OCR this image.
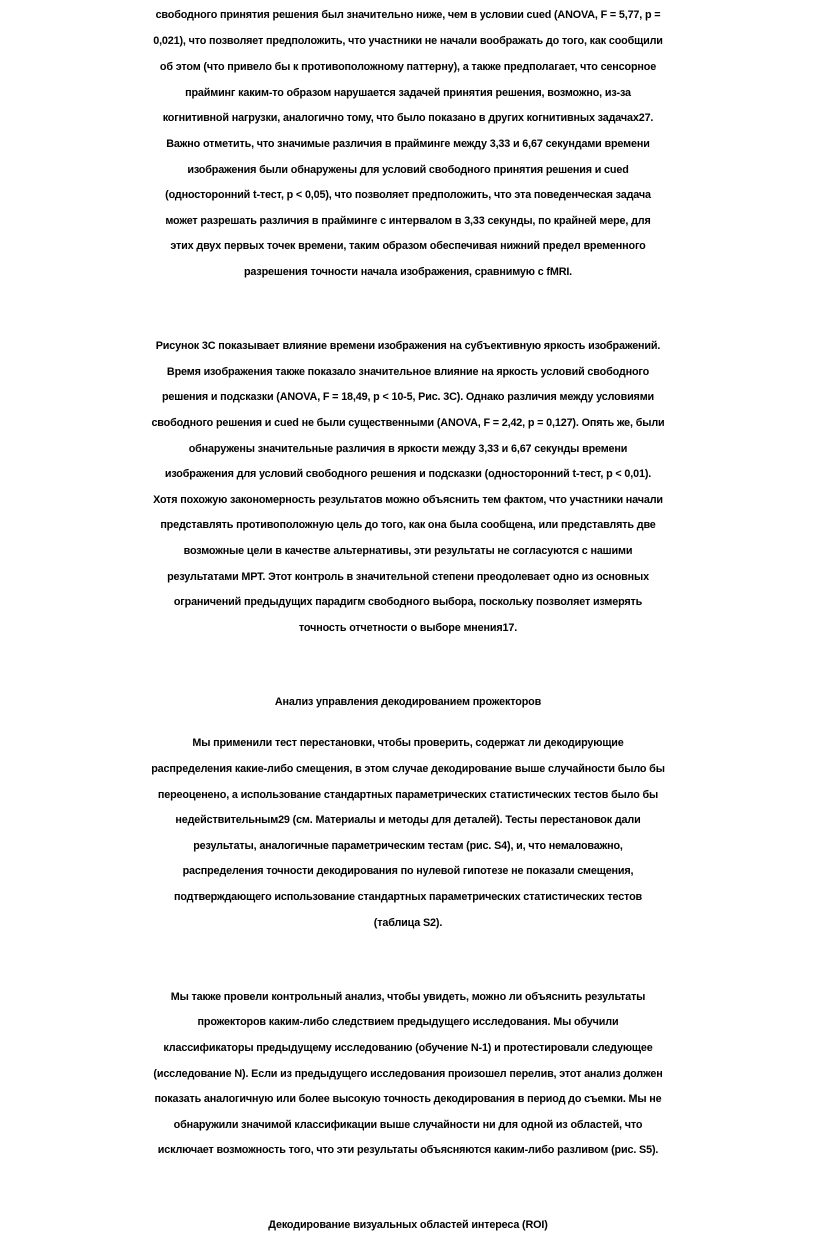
свободного принятия решения был значительно ниже, чем в условии cued (ANOVA, F = 5,77, p =
0,021), что позволяет предположить, что участники не начали воображать до того, как сообщили
об этом (что привело бы к противоположному паттерну), а также предполагает, что сенсорное
прайминг каким-то образом нарушается задачей принятия решения, возможно, из-за
когнитивной нагрузки, аналогично тому, что было показано в других когнитивных задачах27.
Важно отметить, что значимые различия в прайминге между 3,33 и 6,67 секундами времени
изображения были обнаружены для условий свободного принятия решения и cued
(односторонний t-тест, p < 0,05), что позволяет предположить, что эта поведенческая задача
может разрешать различия в прайминге с интервалом в 3,33 секунды, по крайней мере, для
этих двух первых точек времени, таким образом обеспечивая нижний предел временного
разрешения точности начала изображения, сравнимую с fMRI.
Рисунок 3C показывает влияние времени изображения на субъективную яркость изображений.
Время изображения также показало значительное влияние на яркость условий свободного
решения и подсказки (ANOVA, F = 18,49, p < 10-5, Рис. 3C). Однако различия между условиями
свободного решения и cued не были существенными (ANOVA, F = 2,42, p = 0,127). Опять же, были
обнаружены значительные различия в яркости между 3,33 и 6,67 секунды времени
изображения для условий свободного решения и подсказки (односторонний t-тест, p < 0,01).
Хотя похожую закономерность результатов можно объяснить тем фактом, что участники начали
представлять противоположную цель до того, как она была сообщена, или представлять две
возможные цели в качестве альтернативы, эти результаты не согласуются с нашими
результатами МРТ. Этот контроль в значительной степени преодолевает одно из основных
ограничений предыдущих парадигм свободного выбора, поскольку позволяет измерять
точность отчетности о выборе мнения17.
Анализ управления декодированием прожекторов
Мы применили тест перестановки, чтобы проверить, содержат ли декодирующие
распределения какие-либо смещения, в этом случае декодирование выше случайности было бы
переоценено, а использование стандартных параметрических статистических тестов было бы
недействительным29 (см. Материалы и методы для деталей). Тесты перестановок дали
результаты, аналогичные параметрическим тестам (рис. S4), и, что немаловажно,
распределения точности декодирования по нулевой гипотезе не показали смещения,
подтверждающего использование стандартных параметрических статистических тестов
(таблица S2).
Мы также провели контрольный анализ, чтобы увидеть, можно ли объяснить результаты
прожекторов каким-либо следствием предыдущего исследования. Мы обучили
классификаторы предыдущему исследованию (обучение N-1) и протестировали следующее
(исследование N). Если из предыдущего исследования произошел перелив, этот анализ должен
показать аналогичную или более высокую точность декодирования в период до съемки. Мы не
обнаружили значимой классификации выше случайности ни для одной из областей, что
исключает возможность того, что эти результаты объясняются каким-либо разливом (рис. S5).
Декодирование визуальных областей интереса (ROI)
